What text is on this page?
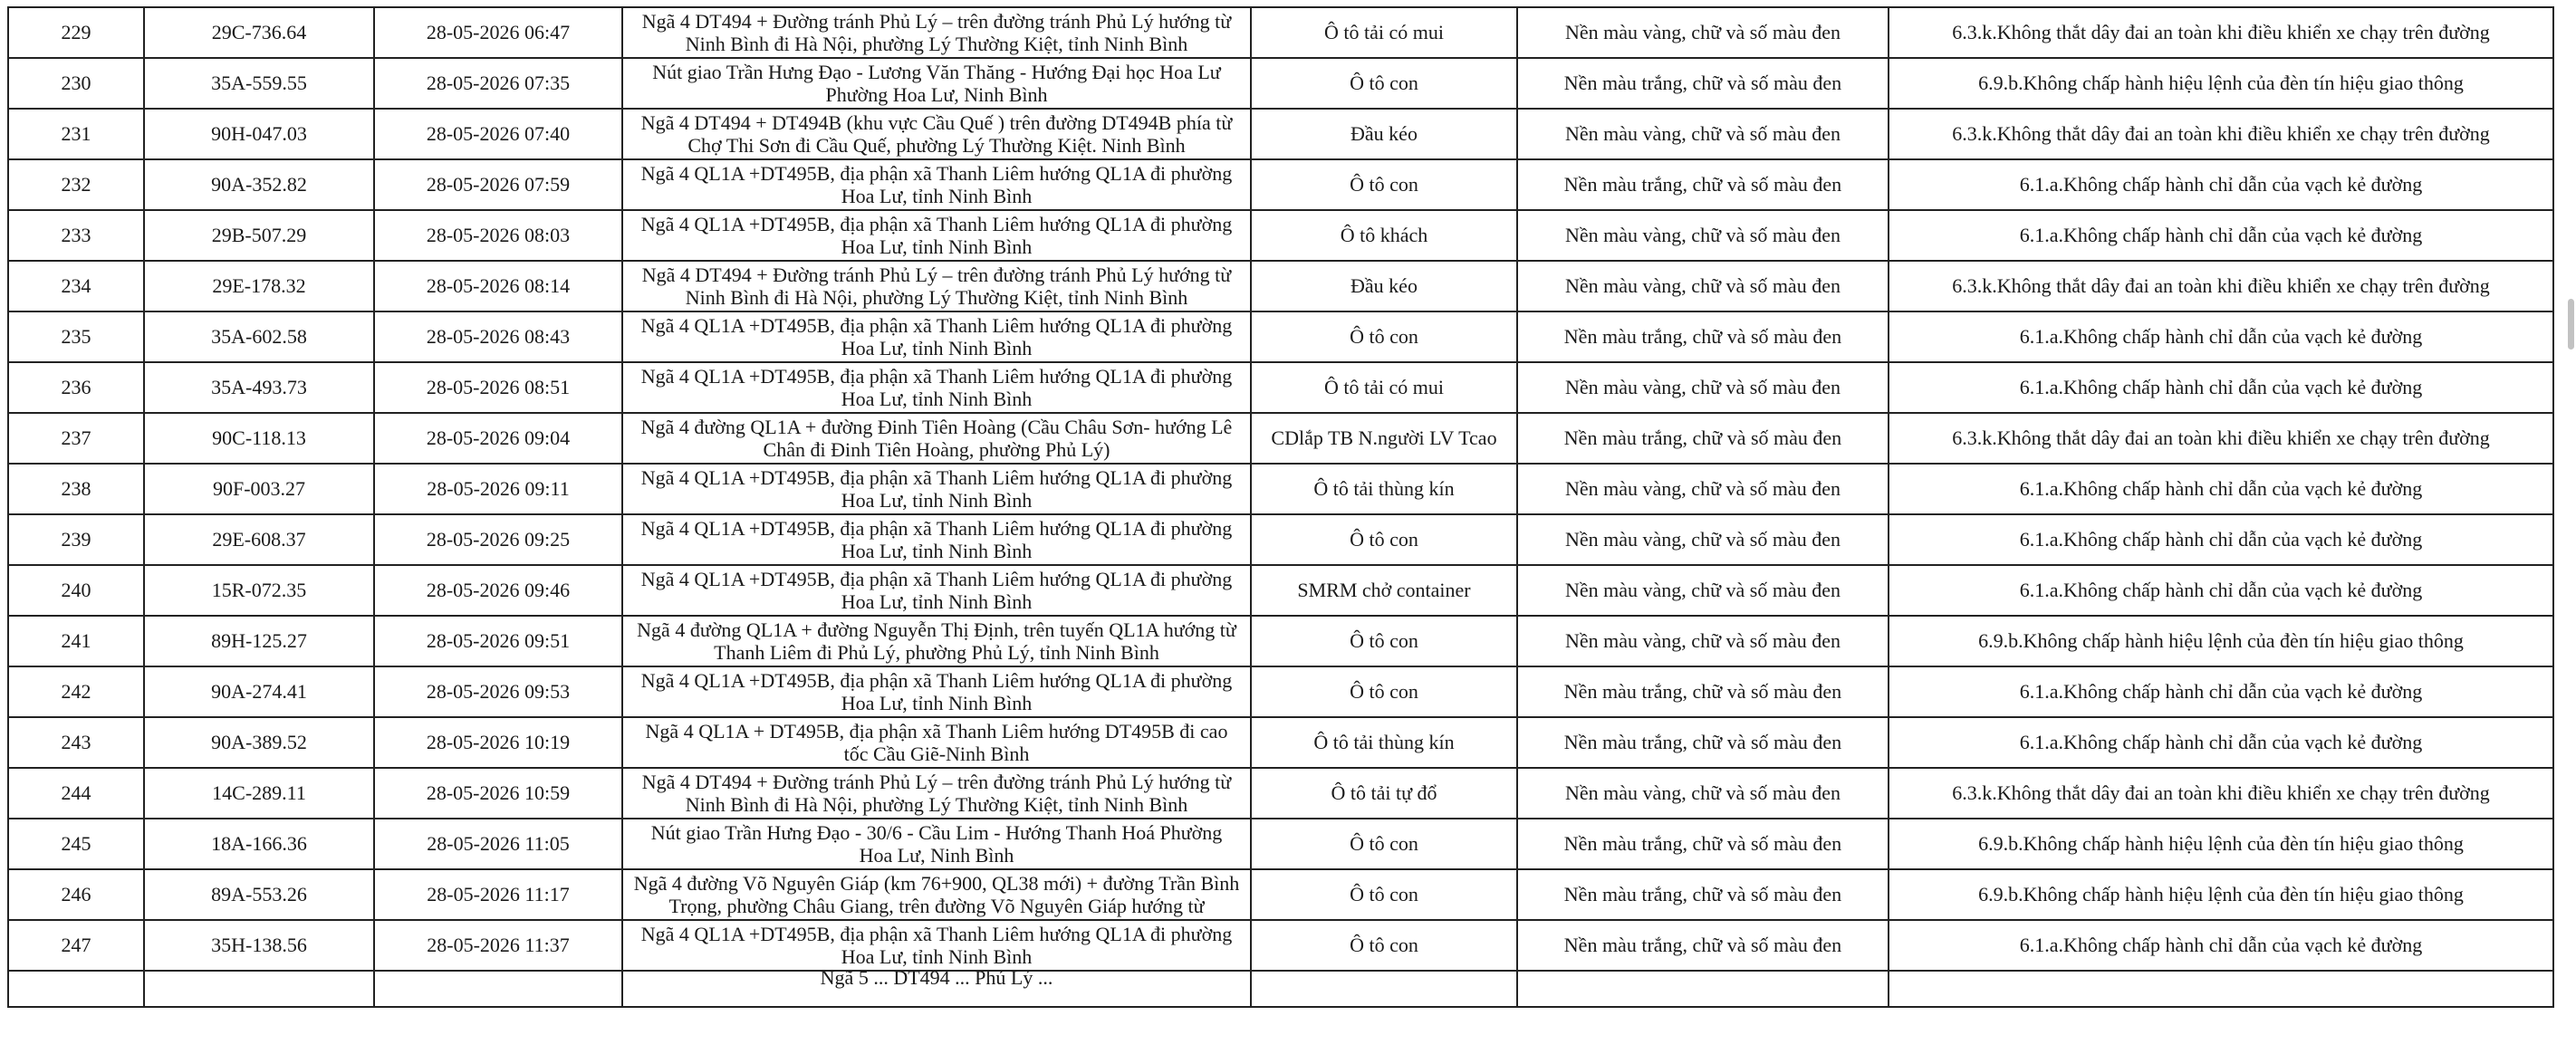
229	29C-736.64	28-05-2026 06:47	Ngã 4 DT494 + Đường tránh Phủ Lý – trên đường tránh Phủ Lý hướng từ Ninh Bình đi Hà Nội, phường Lý Thường Kiệt, tỉnh Ninh Bình	Ô tô tải có mui	Nền màu vàng, chữ và số màu đen	6.3.k.Không thắt dây đai an toàn khi điều khiển xe chạy trên đường
230	35A-559.55	28-05-2026 07:35	Nút giao Trần Hưng Đạo - Lương Văn Thăng - Hướng Đại học Hoa Lư Phường Hoa Lư, Ninh Bình	Ô tô con	Nền màu trắng, chữ và số màu đen	6.9.b.Không chấp hành hiệu lệnh của đèn tín hiệu giao thông
231	90H-047.03	28-05-2026 07:40	Ngã 4 DT494 + DT494B (khu vực Cầu Quế ) trên đường DT494B phía từ Chợ Thi Sơn đi Cầu Quế, phường Lý Thường Kiệt. Ninh Bình	Đầu kéo	Nền màu vàng, chữ và số màu đen	6.3.k.Không thắt dây đai an toàn khi điều khiển xe chạy trên đường
232	90A-352.82	28-05-2026 07:59	Ngã 4 QL1A +DT495B, địa phận xã Thanh Liêm hướng QL1A đi phường Hoa Lư, tỉnh Ninh Bình	Ô tô con	Nền màu trắng, chữ và số màu đen	6.1.a.Không chấp hành chỉ dẫn của vạch kẻ đường
233	29B-507.29	28-05-2026 08:03	Ngã 4 QL1A +DT495B, địa phận xã Thanh Liêm hướng QL1A đi phường Hoa Lư, tỉnh Ninh Bình	Ô tô khách	Nền màu vàng, chữ và số màu đen	6.1.a.Không chấp hành chỉ dẫn của vạch kẻ đường
234	29E-178.32	28-05-2026 08:14	Ngã 4 DT494 + Đường tránh Phủ Lý – trên đường tránh Phủ Lý hướng từ Ninh Bình đi Hà Nội, phường Lý Thường Kiệt, tỉnh Ninh Bình	Đầu kéo	Nền màu vàng, chữ và số màu đen	6.3.k.Không thắt dây đai an toàn khi điều khiển xe chạy trên đường
235	35A-602.58	28-05-2026 08:43	Ngã 4 QL1A +DT495B, địa phận xã Thanh Liêm hướng QL1A đi phường Hoa Lư, tỉnh Ninh Bình	Ô tô con	Nền màu trắng, chữ và số màu đen	6.1.a.Không chấp hành chỉ dẫn của vạch kẻ đường
236	35A-493.73	28-05-2026 08:51	Ngã 4 QL1A +DT495B, địa phận xã Thanh Liêm hướng QL1A đi phường Hoa Lư, tỉnh Ninh Bình	Ô tô tải có mui	Nền màu vàng, chữ và số màu đen	6.1.a.Không chấp hành chỉ dẫn của vạch kẻ đường
237	90C-118.13	28-05-2026 09:04	Ngã 4 đường QL1A + đường Đinh Tiên Hoàng (Cầu Châu Sơn- hướng Lê Chân đi Đinh Tiên Hoàng, phường Phủ Lý)	CDlắp TB N.người LV Tcao	Nền màu trắng, chữ và số màu đen	6.3.k.Không thắt dây đai an toàn khi điều khiển xe chạy trên đường
238	90F-003.27	28-05-2026 09:11	Ngã 4 QL1A +DT495B, địa phận xã Thanh Liêm hướng QL1A đi phường Hoa Lư, tỉnh Ninh Bình	Ô tô tải thùng kín	Nền màu vàng, chữ và số màu đen	6.1.a.Không chấp hành chỉ dẫn của vạch kẻ đường
239	29E-608.37	28-05-2026 09:25	Ngã 4 QL1A +DT495B, địa phận xã Thanh Liêm hướng QL1A đi phường Hoa Lư, tỉnh Ninh Bình	Ô tô con	Nền màu vàng, chữ và số màu đen	6.1.a.Không chấp hành chỉ dẫn của vạch kẻ đường
240	15R-072.35	28-05-2026 09:46	Ngã 4 QL1A +DT495B, địa phận xã Thanh Liêm hướng QL1A đi phường Hoa Lư, tỉnh Ninh Bình	SMRM chở container	Nền màu vàng, chữ và số màu đen	6.1.a.Không chấp hành chỉ dẫn của vạch kẻ đường
241	89H-125.27	28-05-2026 09:51	Ngã 4 đường QL1A + đường Nguyễn Thị Định, trên tuyến QL1A hướng từ Thanh Liêm đi Phủ Lý, phường Phủ Lý, tỉnh Ninh Bình	Ô tô con	Nền màu vàng, chữ và số màu đen	6.9.b.Không chấp hành hiệu lệnh của đèn tín hiệu giao thông
242	90A-274.41	28-05-2026 09:53	Ngã 4 QL1A +DT495B, địa phận xã Thanh Liêm hướng QL1A đi phường Hoa Lư, tỉnh Ninh Bình	Ô tô con	Nền màu trắng, chữ và số màu đen	6.1.a.Không chấp hành chỉ dẫn của vạch kẻ đường
243	90A-389.52	28-05-2026 10:19	Ngã 4 QL1A + DT495B, địa phận xã Thanh Liêm hướng DT495B đi cao tốc Cầu Giẽ-Ninh Bình	Ô tô tải thùng kín	Nền màu trắng, chữ và số màu đen	6.1.a.Không chấp hành chỉ dẫn của vạch kẻ đường
244	14C-289.11	28-05-2026 10:59	Ngã 4 DT494 + Đường tránh Phủ Lý – trên đường tránh Phủ Lý hướng từ Ninh Bình đi Hà Nội, phường Lý Thường Kiệt, tỉnh Ninh Bình	Ô tô tải tự đổ	Nền màu vàng, chữ và số màu đen	6.3.k.Không thắt dây đai an toàn khi điều khiển xe chạy trên đường
245	18A-166.36	28-05-2026 11:05	Nút giao Trần Hưng Đạo - 30/6 - Cầu Lim - Hướng Thanh Hoá Phường Hoa Lư, Ninh Bình	Ô tô con	Nền màu trắng, chữ và số màu đen	6.9.b.Không chấp hành hiệu lệnh của đèn tín hiệu giao thông
246	89A-553.26	28-05-2026 11:17	Ngã 4 đường Võ Nguyên Giáp (km 76+900, QL38 mới) + đường Trần Bình Trọng, phường Châu Giang, trên đường Võ Nguyên Giáp hướng từ	Ô tô con	Nền màu trắng, chữ và số màu đen	6.9.b.Không chấp hành hiệu lệnh của đèn tín hiệu giao thông
247	35H-138.56	28-05-2026 11:37	Ngã 4 QL1A +DT495B, địa phận xã Thanh Liêm hướng QL1A đi phường Hoa Lư, tỉnh Ninh Bình	Ô tô con	Nền màu trắng, chữ và số màu đen	6.1.a.Không chấp hành chỉ dẫn của vạch kẻ đường

			Ngã 5 ... DT494 ... Phủ Lý ...			
